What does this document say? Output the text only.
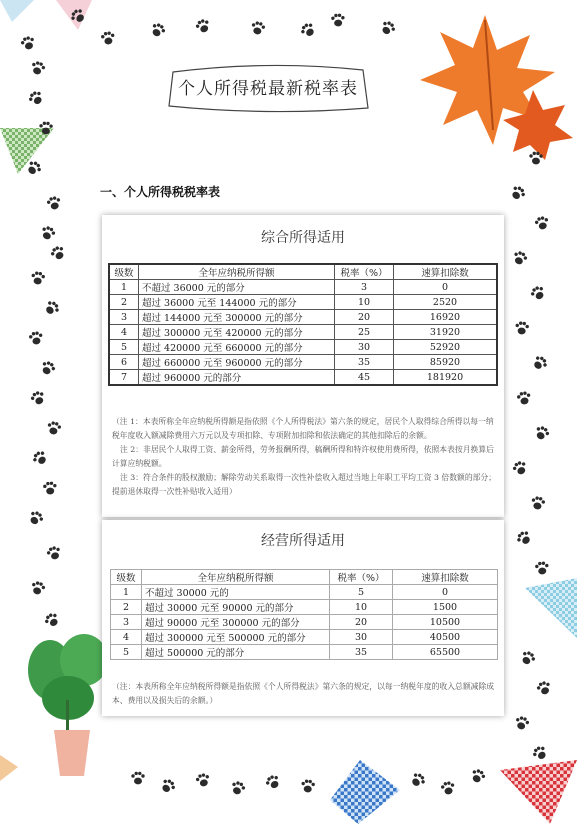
个人所得税最新税率表
一、个人所得税税率表
综合所得适用
级数	全年应纳税所得额	税率（%）	速算扣除数
1	不超过 36000 元的部分	3	0
2	超过 36000 元至 144000 元的部分	10	2520
3	超过 144000 元至 300000 元的部分	20	16920
4	超过 300000 元至 420000 元的部分	25	31920
5	超过 420000 元至 660000 元的部分	30	52920
6	超过 660000 元至 960000 元的部分	35	85920
7	超过 960000 元的部分	45	181920

（注 1：本表所称全年应纳税所得额是指依照《个人所得税法》第六条的规定，居民个人取得综合所得以每一纳税年度收入额减除费用六万元以及专项扣除、专项附加扣除和依法确定的其他扣除后的余额。

注 2：非居民个人取得工资、薪金所得，劳务报酬所得，稿酬所得和特许权使用费所得，依照本表按月换算后计算应纳税额。

注 3：符合条件的股权激励；解除劳动关系取得一次性补偿收入超过当地上年职工平均工资 3 倍数额的部分；提前退休取得一次性补贴收入适用）

经营所得适用
级数	全年应纳税所得额	税率（%）	速算扣除数
1	不超过 30000 元的	5	0
2	超过 30000 元至 90000 元的部分	10	1500
3	超过 90000 元至 300000 元的部分	20	10500
4	超过 300000 元至 500000 元的部分	30	40500
5	超过 500000 元的部分	35	65500

（注：本表所称全年应纳税所得额是指依照《个人所得税法》第六条的规定，以每一纳税年度的收入总额减除成本、费用以及损失后的余额。）
